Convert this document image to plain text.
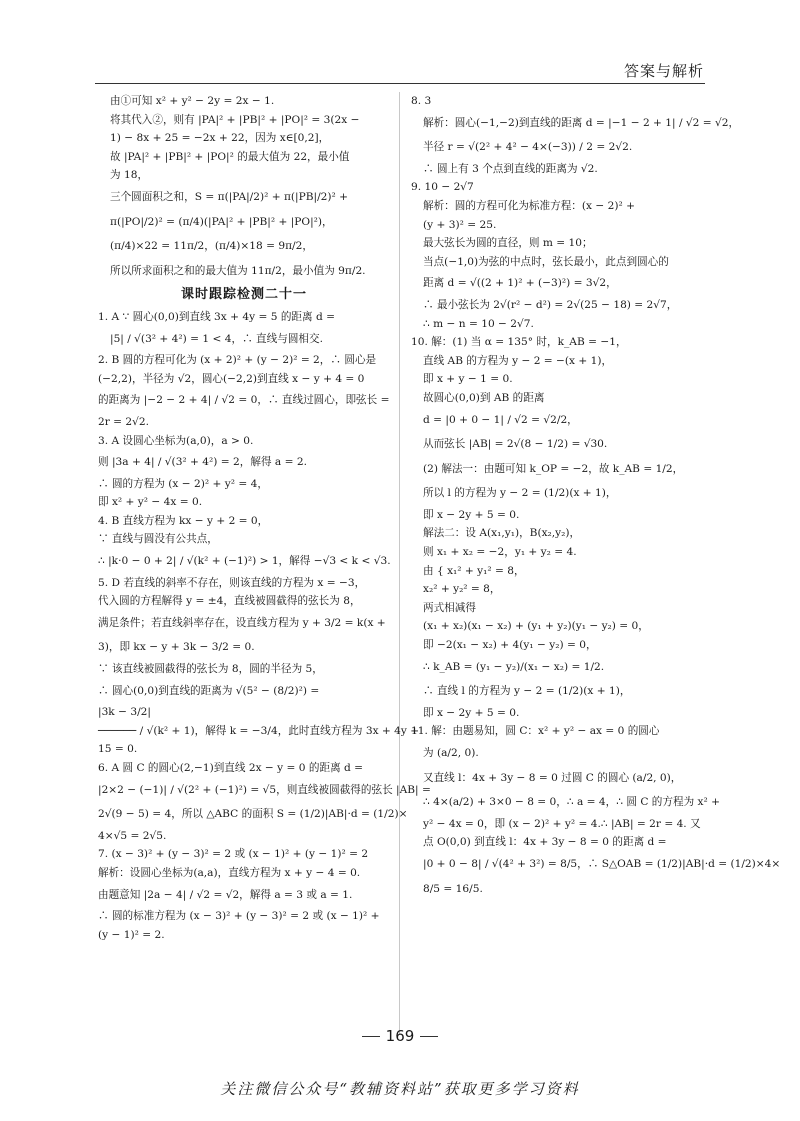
答案与解析
由①可知 x² + y² − 2y = 2x − 1.
将其代入②，则有 |PA|² + |PB|² + |PO|² = 3(2x −
1) − 8x + 25 = −2x + 22，因为 x∈[0,2]，
故 |PA|² + |PB|² + |PO|² 的最大值为 22，最小值
为 18，
三个圆面积之和，S = π(|PA|/2)² + π(|PB|/2)² +
π(|PO|/2)² = (π/4)(|PA|² + |PB|² + |PO|²)，
(π/4)×22 = 11π/2，(π/4)×18 = 9π/2，
所以所求面积之和的最大值为 11π/2，最小值为 9π/2.
课时跟踪检测二十一
1. A ∵ 圆心(0,0)到直线 3x + 4y = 5 的距离 d =
|5| / √(3² + 4²) = 1 < 4，∴ 直线与圆相交.
2. B 圆的方程可化为 (x + 2)² + (y − 2)² = 2，∴ 圆心是
(−2,2)，半径为 √2，圆心(−2,2)到直线 x − y + 4 = 0
的距离为 |−2 − 2 + 4| / √2 = 0，∴ 直线过圆心，即弦长 =
2r = 2√2.
3. A 设圆心坐标为(a,0)，a > 0.
则 |3a + 4| / √(3² + 4²) = 2，解得 a = 2.
∴ 圆的方程为 (x − 2)² + y² = 4，
即 x² + y² − 4x = 0.
4. B 直线方程为 kx − y + 2 = 0，
∵ 直线与圆没有公共点，
∴ |k·0 − 0 + 2| / √(k² + (−1)²) > 1，解得 −√3 < k < √3.
5. D 若直线的斜率不存在，则该直线的方程为 x = −3，
代入圆的方程解得 y = ±4，直线被圆截得的弦长为 8，
满足条件；若直线斜率存在，设直线方程为 y + 3/2 = k(x +
3)，即 kx − y + 3k − 3/2 = 0.
∵ 该直线被圆截得的弦长为 8，圆的半径为 5，
∴ 圆心(0,0)到直线的距离为 √(5² − (8/2)²) =
|3k − 3/2|
────── / √(k² + 1)，解得 k = −3/4，此时直线方程为 3x + 4y +
15 = 0.
6. A 圆 C 的圆心(2,−1)到直线 2x − y = 0 的距离 d =
|2×2 − (−1)| / √(2² + (−1)²) = √5，则直线被圆截得的弦长 |AB| =
2√(9 − 5) = 4，所以 △ABC 的面积 S = (1/2)|AB|·d = (1/2)×
4×√5 = 2√5.
7. (x − 3)² + (y − 3)² = 2 或 (x − 1)² + (y − 1)² = 2
解析：设圆心坐标为(a,a)，直线方程为 x + y − 4 = 0.
由题意知 |2a − 4| / √2 = √2，解得 a = 3 或 a = 1.
∴ 圆的标准方程为 (x − 3)² + (y − 3)² = 2 或 (x − 1)² +
(y − 1)² = 2.
8. 3
解析：圆心(−1,−2)到直线的距离 d = |−1 − 2 + 1| / √2 = √2，
半径 r = √(2² + 4² − 4×(−3)) / 2 = 2√2.
∴ 圆上有 3 个点到直线的距离为 √2.
9. 10 − 2√7
解析：圆的方程可化为标准方程：(x − 2)² +
(y + 3)² = 25.
最大弦长为圆的直径，则 m = 10；
当点(−1,0)为弦的中点时，弦长最小，此点到圆心的
距离 d = √((2 + 1)² + (−3)²) = 3√2，
∴ 最小弦长为 2√(r² − d²) = 2√(25 − 18) = 2√7，
∴ m − n = 10 − 2√7.
10. 解：(1) 当 α = 135° 时，k_AB = −1，
直线 AB 的方程为 y − 2 = −(x + 1)，
即 x + y − 1 = 0.
故圆心(0,0)到 AB 的距离
d = |0 + 0 − 1| / √2 = √2/2，
从而弦长 |AB| = 2√(8 − 1/2) = √30.
(2) 解法一：由题可知 k_OP = −2，故 k_AB = 1/2，
所以 l 的方程为 y − 2 = (1/2)(x + 1)，
即 x − 2y + 5 = 0.
解法二：设 A(x₁,y₁)，B(x₂,y₂)，
则 x₁ + x₂ = −2，y₁ + y₂ = 4.
由 { x₁² + y₁² = 8，
x₂² + y₂² = 8，
两式相减得
(x₁ + x₂)(x₁ − x₂) + (y₁ + y₂)(y₁ − y₂) = 0，
即 −2(x₁ − x₂) + 4(y₁ − y₂) = 0，
∴ k_AB = (y₁ − y₂)/(x₁ − x₂) = 1/2.
∴ 直线 l 的方程为 y − 2 = (1/2)(x + 1)，
即 x − 2y + 5 = 0.
11. 解：由题易知，圆 C：x² + y² − ax = 0 的圆心
为 (a/2, 0).
又直线 l：4x + 3y − 8 = 0 过圆 C 的圆心 (a/2, 0)，
∴ 4×(a/2) + 3×0 − 8 = 0，∴ a = 4，∴ 圆 C 的方程为 x² +
y² − 4x = 0，即 (x − 2)² + y² = 4.∴ |AB| = 2r = 4. 又
点 O(0,0) 到直线 l：4x + 3y − 8 = 0 的距离 d =
|0 + 0 − 8| / √(4² + 3²) = 8/5，∴ S△OAB = (1/2)|AB|·d = (1/2)×4×
8/5 = 16/5.
169
关注微信公众号“教辅资料站”获取更多学习资料
